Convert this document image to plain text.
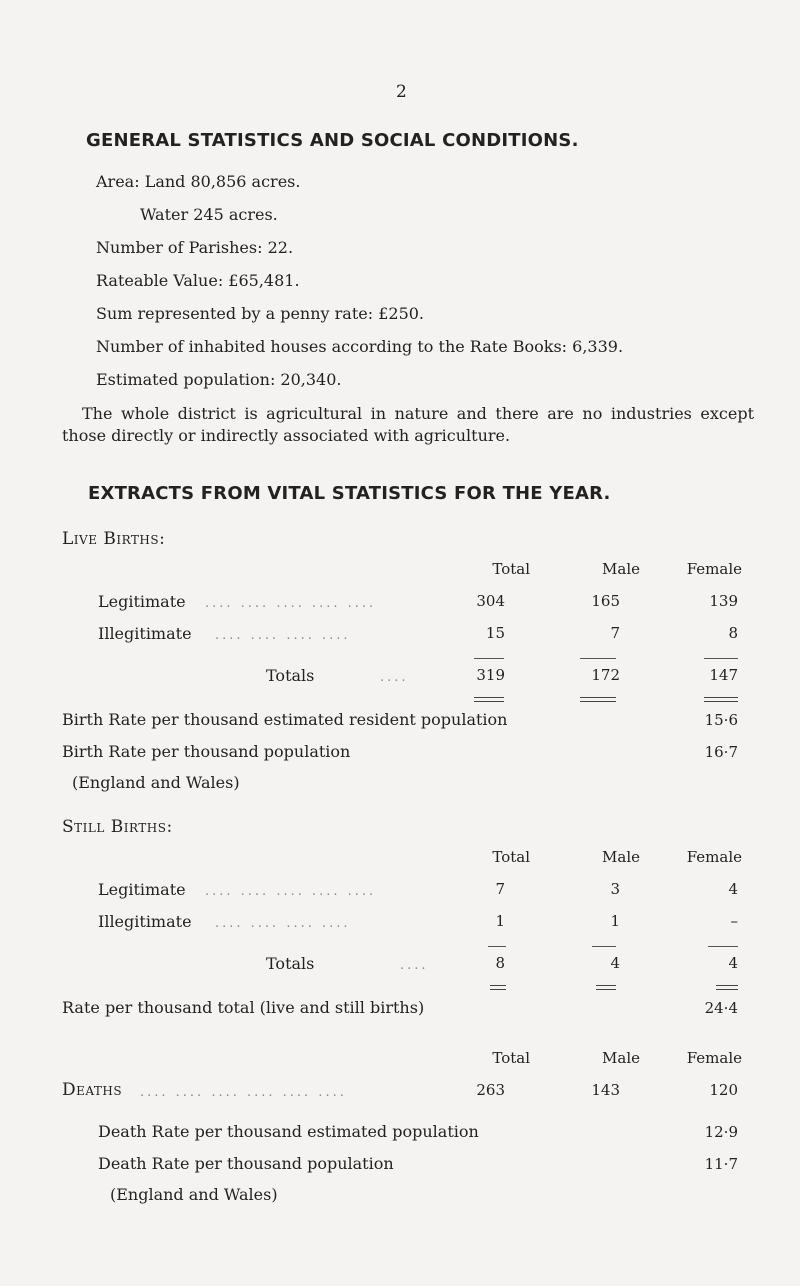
2
GENERAL STATISTICS AND SOCIAL CONDITIONS.
Area: Land 80,856 acres.
Water 245 acres.
Number of Parishes: 22.
Rateable Value: £65,481.
Sum represented by a penny rate: £250.
Number of inhabited houses according to the Rate Books: 6,339.
Estimated population: 20,340.
The whole district is agricultural in nature and there are no industries except those directly or indirectly associated with agriculture.
EXTRACTS FROM VITAL STATISTICS FOR THE YEAR.
Live Births:
Total	Male	Female
Legitimate .... .... .... .... ....	304	165	139
Illegitimate .... .... .... ....	15	7	8
Totals	....	319	172	147
Birth Rate per thousand estimated resident population	15·6
Birth Rate per thousand population	16·7
(England and Wales)
Still Births:
Total	Male	Female
Legitimate .... .... .... .... ....	7	3	4
Illegitimate .... .... .... ....	1	1	–
Totals	....	8	4	4
Rate per thousand total (live and still births)	24·4
Total	Male	Female
Deaths .... .... .... .... .... ....	263	143	120
Death Rate per thousand estimated population	12·9
Death Rate per thousand population	11·7
(England and Wales)
